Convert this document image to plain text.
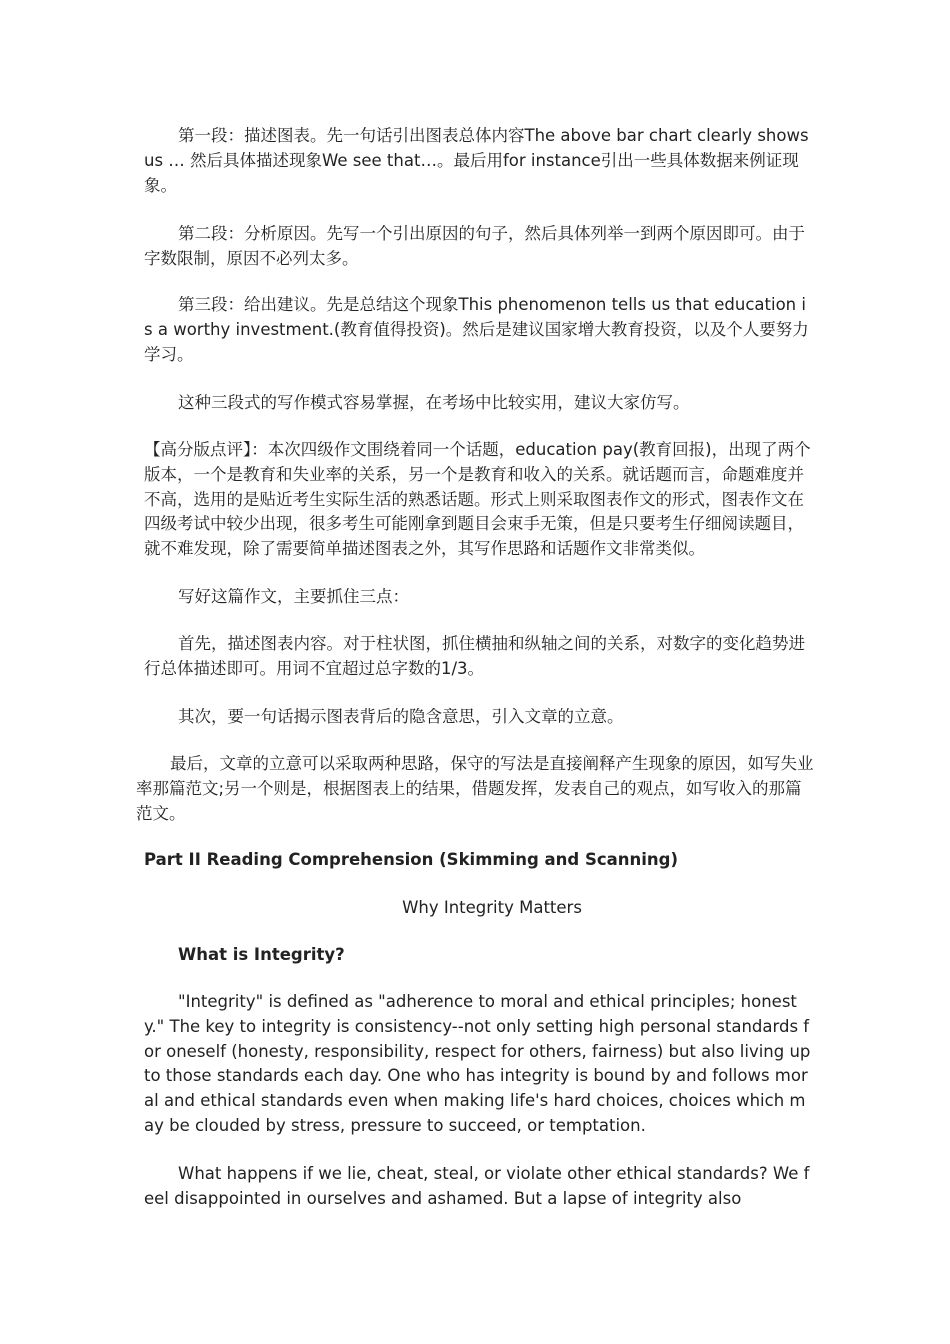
第一段：描述图表。先一句话引出图表总体内容The above bar chart clearly shows us … 然后具体描述现象We see that…。最后用for instance引出一些具体数据来例证现象。

第二段：分析原因。先写一个引出原因的句子，然后具体列举一到两个原因即可。由于字数限制，原因不必列太多。

第三段：给出建议。先是总结这个现象This phenomenon tells us that education is a worthy investment.(教育值得投资)。然后是建议国家增大教育投资，以及个人要努力学习。

这种三段式的写作模式容易掌握，在考场中比较实用，建议大家仿写。

【高分版点评】：本次四级作文围绕着同一个话题，education pay(教育回报)，出现了两个版本，一个是教育和失业率的关系，另一个是教育和收入的关系。就话题而言，命题难度并不高，选用的是贴近考生实际生活的熟悉话题。形式上则采取图表作文的形式，图表作文在四级考试中较少出现，很多考生可能刚拿到题目会束手无策，但是只要考生仔细阅读题目，就不难发现，除了需要简单描述图表之外，其写作思路和话题作文非常类似。

写好这篇作文，主要抓住三点：

首先，描述图表内容。对于柱状图，抓住横抽和纵轴之间的关系，对数字的变化趋势进行总体描述即可。用词不宜超过总字数的1/3。

其次，要一句话揭示图表背后的隐含意思，引入文章的立意。

最后，文章的立意可以采取两种思路，保守的写法是直接阐释产生现象的原因，如写失业率那篇范文;另一个则是，根据图表上的结果，借题发挥，发表自己的观点，如写收入的那篇范文。

Part II Reading Comprehension (Skimming and Scanning)

Why Integrity Matters

What is Integrity?

"Integrity" is defined as "adherence to moral and ethical principles; honesty." The key to integrity is consistency--not only setting high personal standards for oneself (honesty, responsibility, respect for others, fairness) but also living up to those standards each day. One who has integrity is bound by and follows moral and ethical standards even when making life's hard choices, choices which may be clouded by stress, pressure to succeed, or temptation.

What happens if we lie, cheat, steal, or violate other ethical standards? We feel disappointed in ourselves and ashamed. But a lapse of integrity also
